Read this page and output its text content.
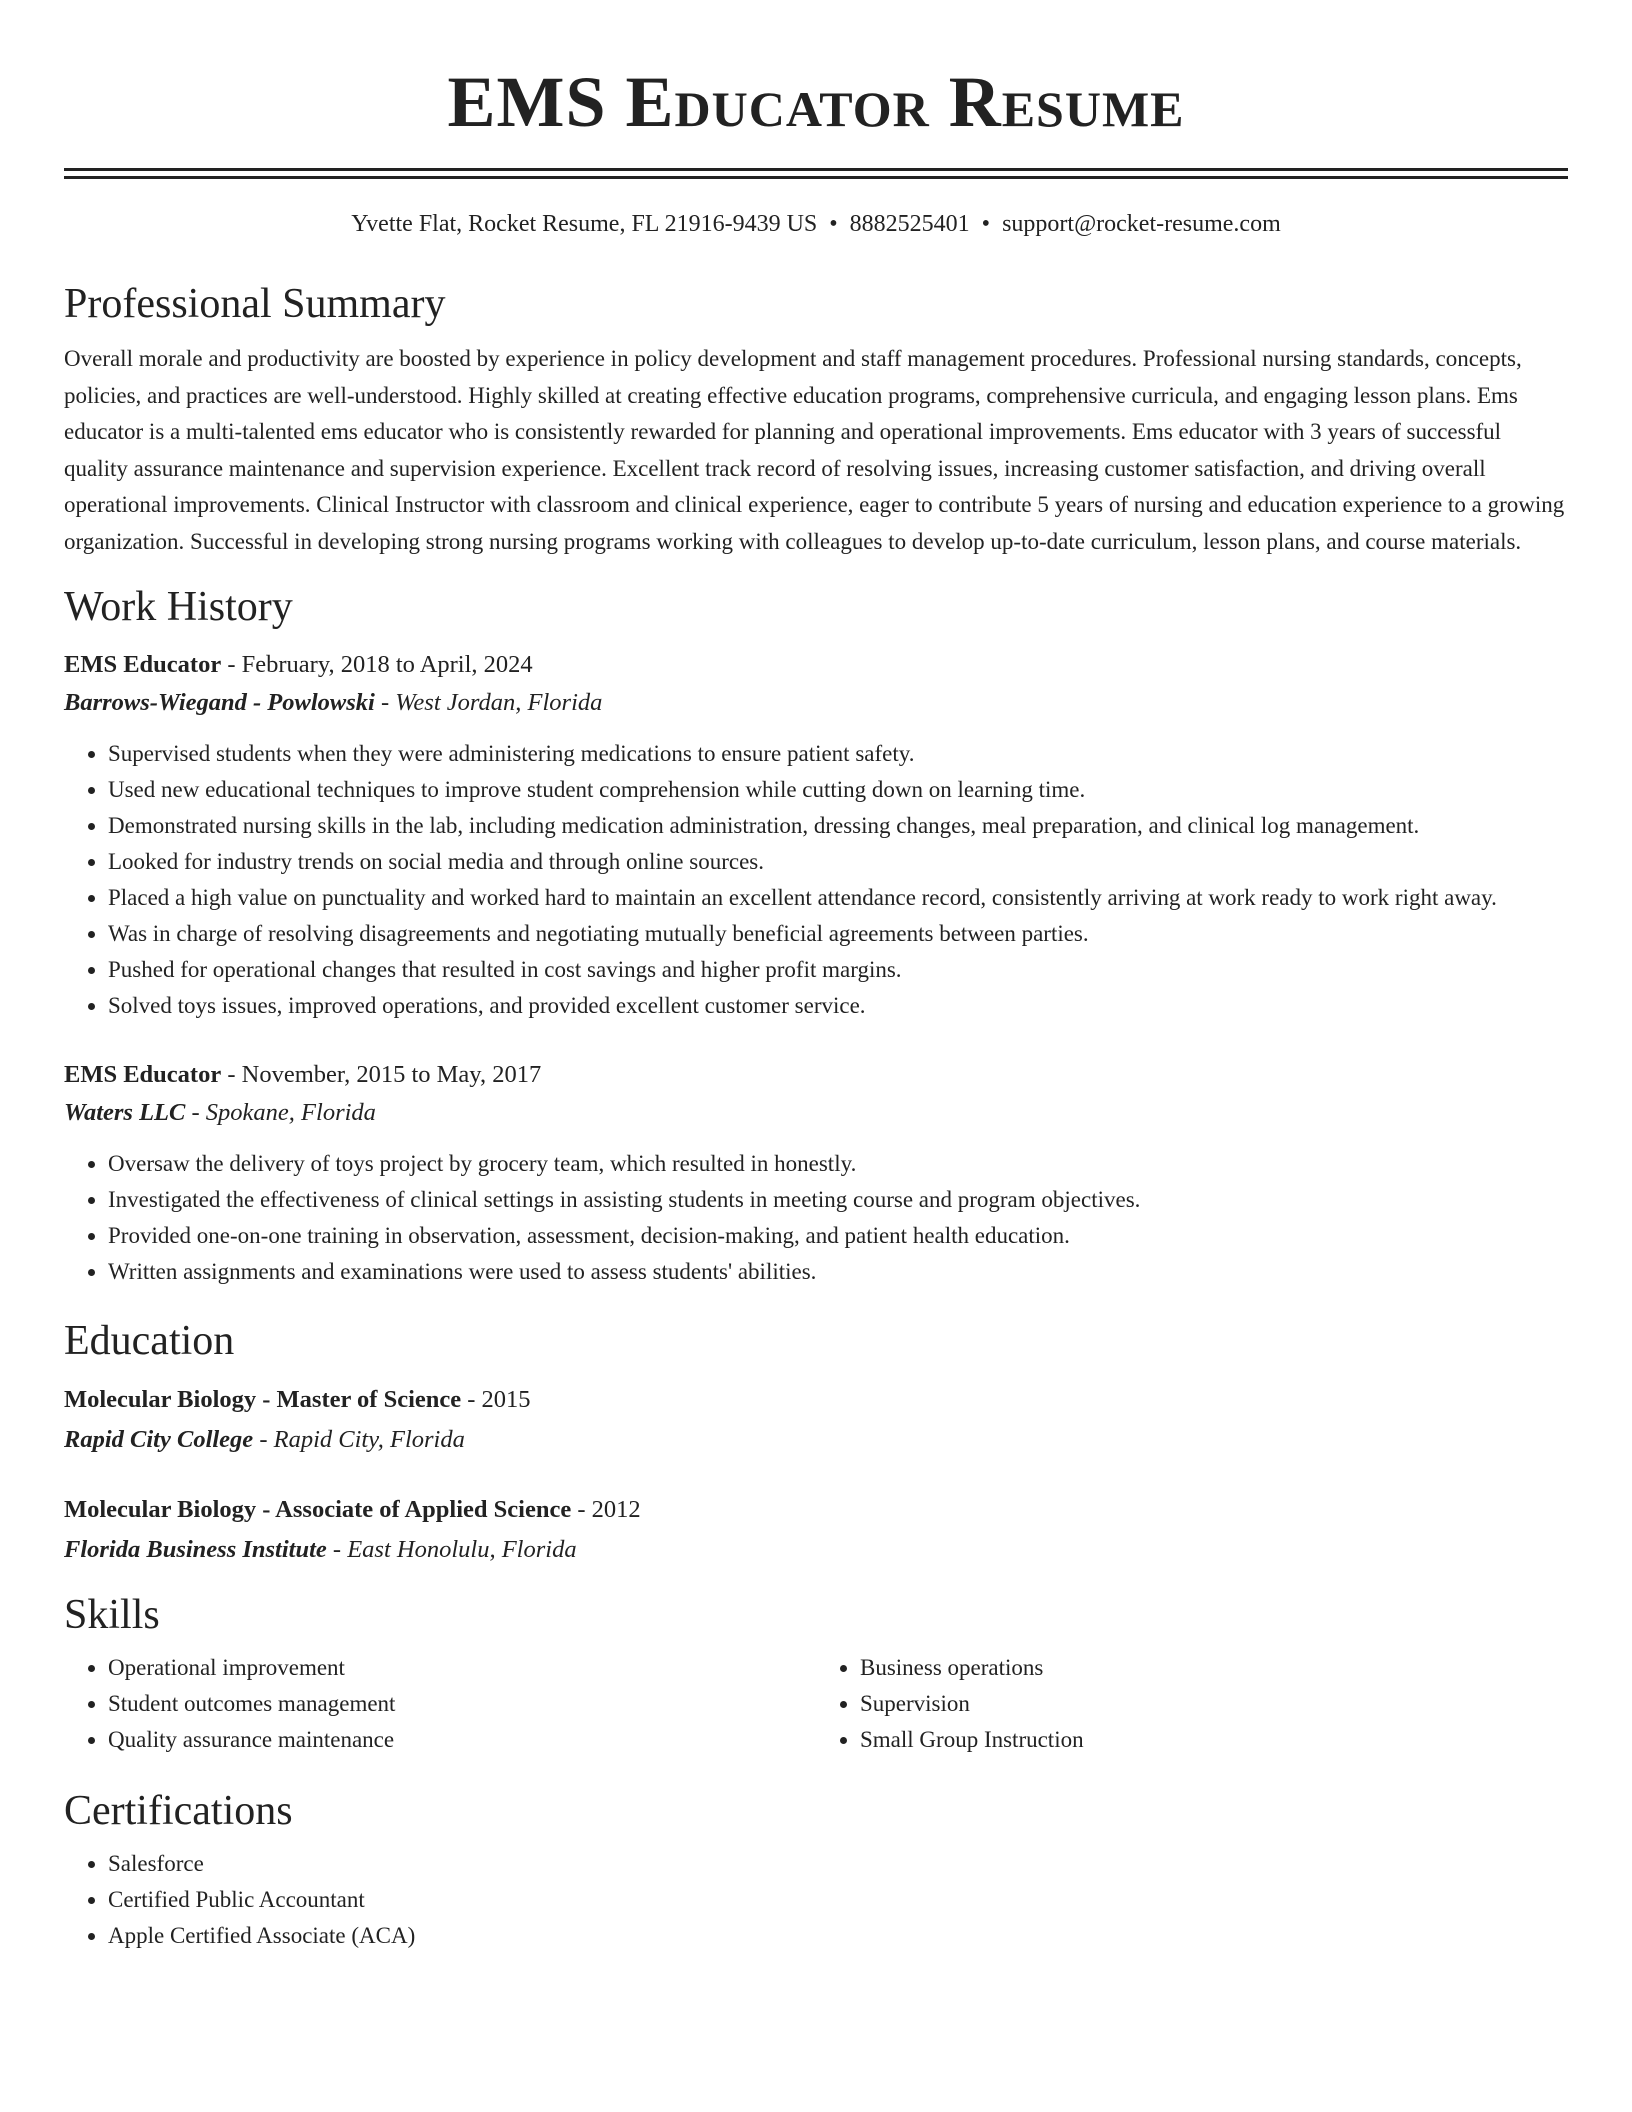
EMS Educator Resume
Yvette Flat, Rocket Resume, FL 21916-9439 US • 8882525401 • support@rocket-resume.com
Professional Summary

Overall morale and productivity are boosted by experience in policy development and staff management procedures. Professional nursing standards, concepts, policies, and practices are well-understood. Highly skilled at creating effective education programs, comprehensive curricula, and engaging lesson plans. Ems educator is a multi-talented ems educator who is consistently rewarded for planning and operational improvements. Ems educator with 3 years of successful quality assurance maintenance and supervision experience. Excellent track record of resolving issues, increasing customer satisfaction, and driving overall operational improvements. Clinical Instructor with classroom and clinical experience, eager to contribute 5 years of nursing and education experience to a growing organization. Successful in developing strong nursing programs working with colleagues to develop up-to-date curriculum, lesson plans, and course materials.

Work History
EMS Educator - February, 2018 to April, 2024
Barrows-Wiegand - Powlowski - West Jordan, Florida
• Supervised students when they were administering medications to ensure patient safety.
• Used new educational techniques to improve student comprehension while cutting down on learning time.
• Demonstrated nursing skills in the lab, including medication administration, dressing changes, meal preparation, and clinical log management.
• Looked for industry trends on social media and through online sources.
• Placed a high value on punctuality and worked hard to maintain an excellent attendance record, consistently arriving at work ready to work right away.
• Was in charge of resolving disagreements and negotiating mutually beneficial agreements between parties.
• Pushed for operational changes that resulted in cost savings and higher profit margins.
• Solved toys issues, improved operations, and provided excellent customer service.
EMS Educator - November, 2015 to May, 2017
Waters LLC - Spokane, Florida
• Oversaw the delivery of toys project by grocery team, which resulted in honestly.
• Investigated the effectiveness of clinical settings in assisting students in meeting course and program objectives.
• Provided one-on-one training in observation, assessment, decision-making, and patient health education.
• Written assignments and examinations were used to assess students' abilities.
Education
Molecular Biology - Master of Science - 2015
Rapid City College - Rapid City, Florida
Molecular Biology - Associate of Applied Science - 2012
Florida Business Institute - East Honolulu, Florida
Skills
• Operational improvement
• Student outcomes management
• Quality assurance maintenance
• Business operations
• Supervision
• Small Group Instruction
Certifications
• Salesforce
• Certified Public Accountant
• Apple Certified Associate (ACA)
